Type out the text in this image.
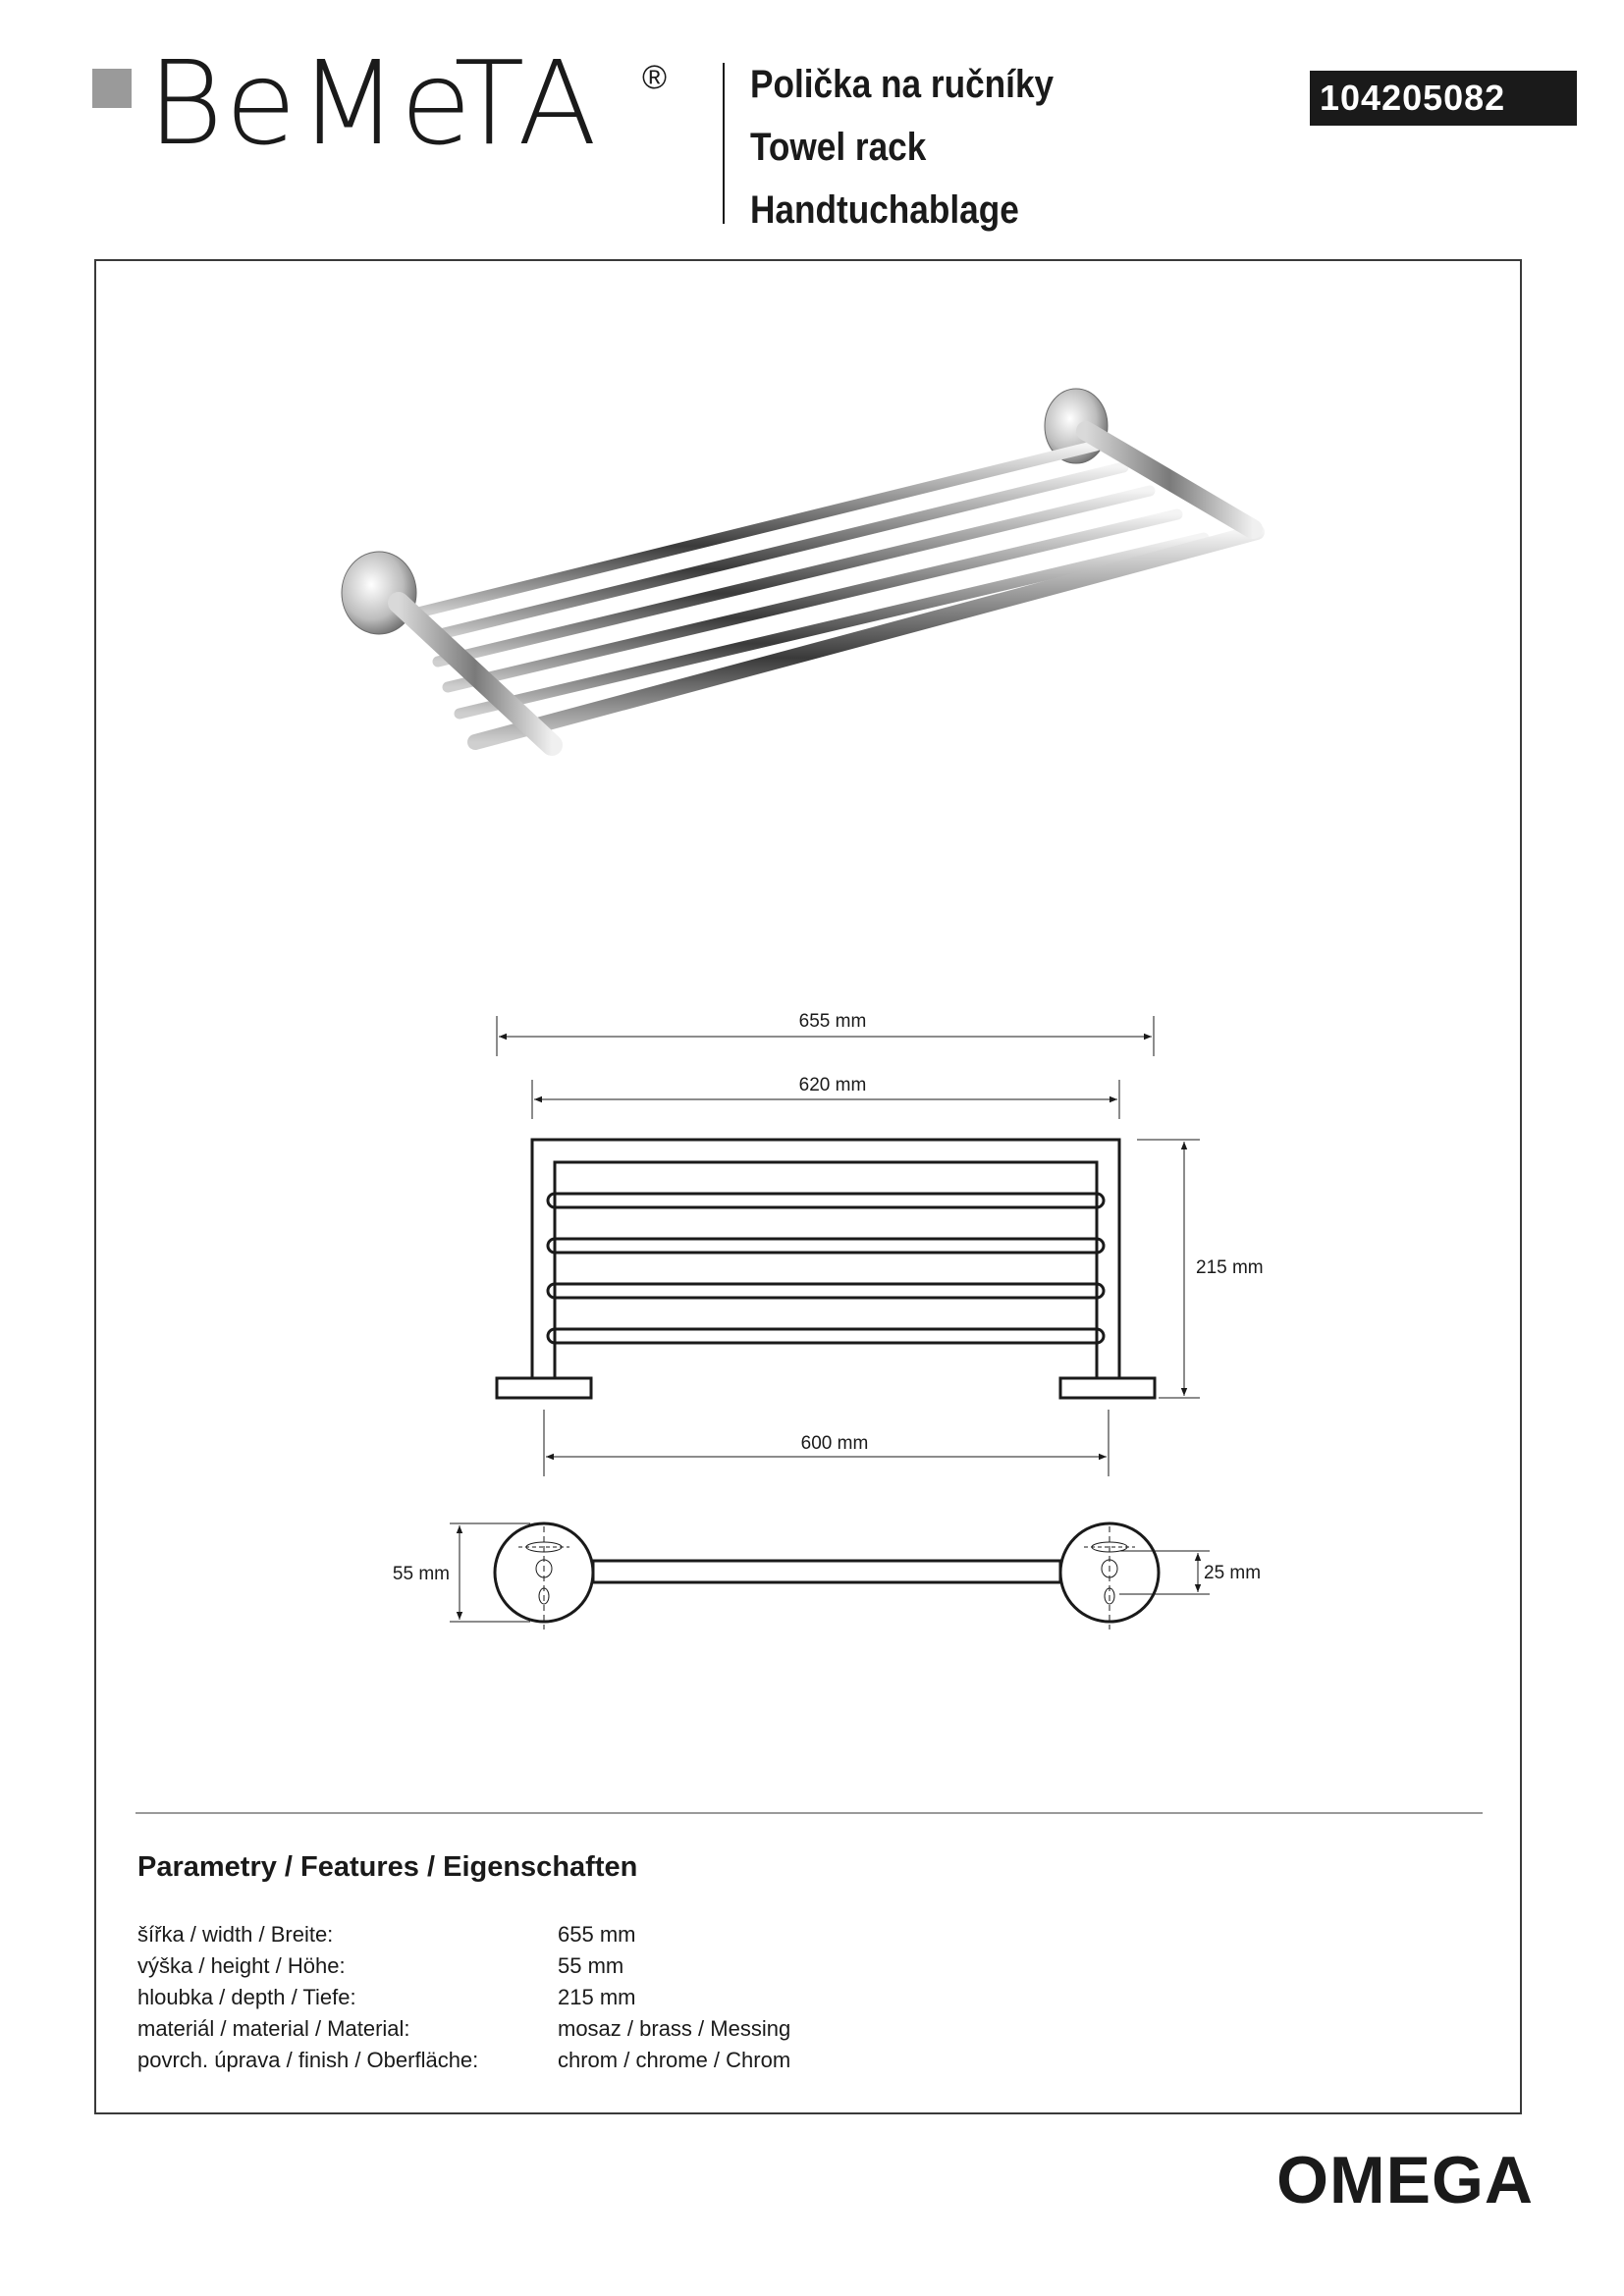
BeMeTA ® Polička na ručníky
Towel rack
Handtuchablage
104205082
655 mm
620 mm
215 mm
600 mm
55 mm	25 mm
Parametry / Features / Eigenschaften
šířka / width / Breite:	655 mm
výška / height / Höhe:	55 mm
hloubka / depth / Tiefe:	215 mm
materiál / material / Material:	mosaz / brass / Messing
povrch. úprava / finish / Oberfläche:	chrom / chrome / Chrom
OMEGA
